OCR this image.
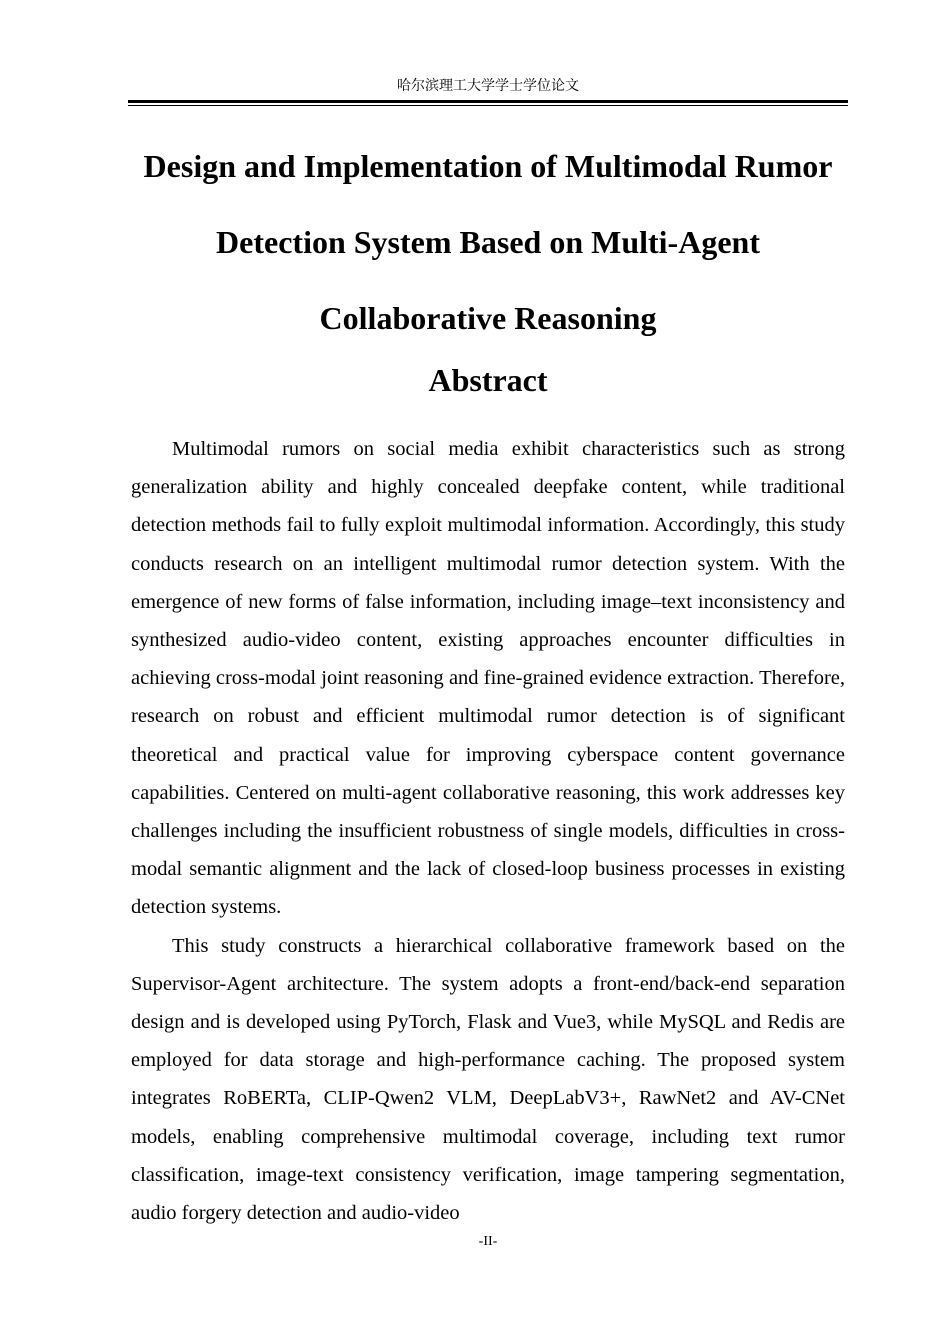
哈尔滨理工大学学士学位论文
Design and Implementation of Multimodal Rumor
Detection System Based on Multi-Agent
Collaborative Reasoning
Abstract

Multimodal rumors on social media exhibit characteristics such as strong generalization ability and highly concealed deepfake content, while traditional detection methods fail to fully exploit multimodal information. Accordingly, this study conducts research on an intelligent multimodal rumor detection system. With the emergence of new forms of false information, including image–text inconsistency and synthesized audio-video content, existing approaches encounter difficulties in achieving cross-modal joint reasoning and fine-grained evidence extraction. Therefore, research on robust and efficient multimodal rumor detection is of significant theoretical and practical value for improving cyberspace content governance capabilities. Centered on multi-agent collaborative reasoning, this work addresses key challenges including the insufficient robustness of single models, difficulties in cross-modal semantic alignment and the lack of closed-loop business processes in existing detection systems.

This study constructs a hierarchical collaborative framework based on the Supervisor-Agent architecture. The system adopts a front-end/back-end separation design and is developed using PyTorch, Flask and Vue3, while MySQL and Redis are employed for data storage and high-performance caching. The proposed system integrates RoBERTa, CLIP-Qwen2 VLM, DeepLabV3+, RawNet2 and AV-CNet models, enabling comprehensive multimodal coverage, including text rumor classification, image-text consistency verification, image tampering segmentation, audio forgery detection and audio-video

-II-
